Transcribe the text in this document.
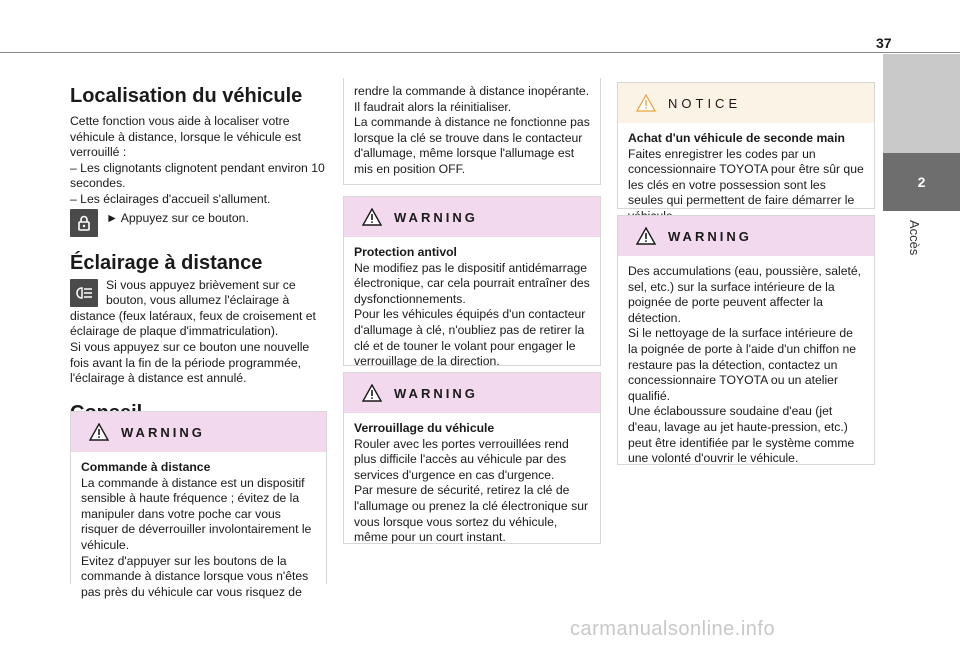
37
2
Accès
Localisation du véhicule

Cette fonction vous aide à localiser votre véhicule à distance, lorsque le véhicule est verrouillé :

– Les clignotants clignotent pendant environ 10 secondes.

– Les éclairages d'accueil s'allument.

► Appuyez sur ce bouton.
Éclairage à distance

Si vous appuyez brièvement sur ce bouton, vous allumez l'éclairage à distance (feux latéraux, feux de croisement et éclairage de plaque d'immatriculation).

Si vous appuyez sur ce bouton une nouvelle fois avant la fin de la période programmée, l'éclairage à distance est annulé.

WARNING

Commande à distance

La commande à distance est un dispositif sensible à haute fréquence ; évitez de la manipuler dans votre poche car vous risquer de déverrouiller involontairement le véhicule.
Evitez d'appuyer sur les boutons de la commande à distance lorsque vous n'êtes pas près du véhicule car vous risquez de

rendre la commande à distance inopérante. Il faudrait alors la réinitialiser.
La commande à distance ne fonctionne pas lorsque la clé se trouve dans le contacteur d'allumage, même lorsque l'allumage est mis en position OFF.

WARNING

Protection antivol

Ne modifiez pas le dispositif antidémarrage électronique, car cela pourrait entraîner des dysfonctionnements.
Pour les véhicules équipés d'un contacteur d'allumage à clé, n'oubliez pas de retirer la clé et de touner le volant pour engager le verrouillage de la direction.

WARNING

Verrouillage du véhicule

Rouler avec les portes verrouillées rend plus difficile l'accès au véhicule par des services d'urgence en cas d'urgence.
Par mesure de sécurité, retirez la clé de l'allumage ou prenez la clé électronique sur vous lorsque vous sortez du véhicule, même pour un court instant.

NOTICE

Achat d'un véhicule de seconde main

Faites enregistrer les codes par un concessionnaire TOYOTA pour être sûr que les clés en votre possession sont les seules qui permettent de faire démarrer le

WARNING

Des accumulations (eau, poussière, saleté, sel, etc.) sur la surface intérieure de la poignée de porte peuvent affecter la détection.
Si le nettoyage de la surface intérieure de la poignée de porte à l'aide d'un chiffon ne restaure pas la détection, contactez un concessionnaire TOYOTA ou un atelier qualifié.
Une éclaboussure soudaine d'eau (jet d'eau, lavage au jet haute-pression, etc.) peut être identifiée par le système comme une volonté d'ouvrir le véhicule.

carmanualsonline.info
